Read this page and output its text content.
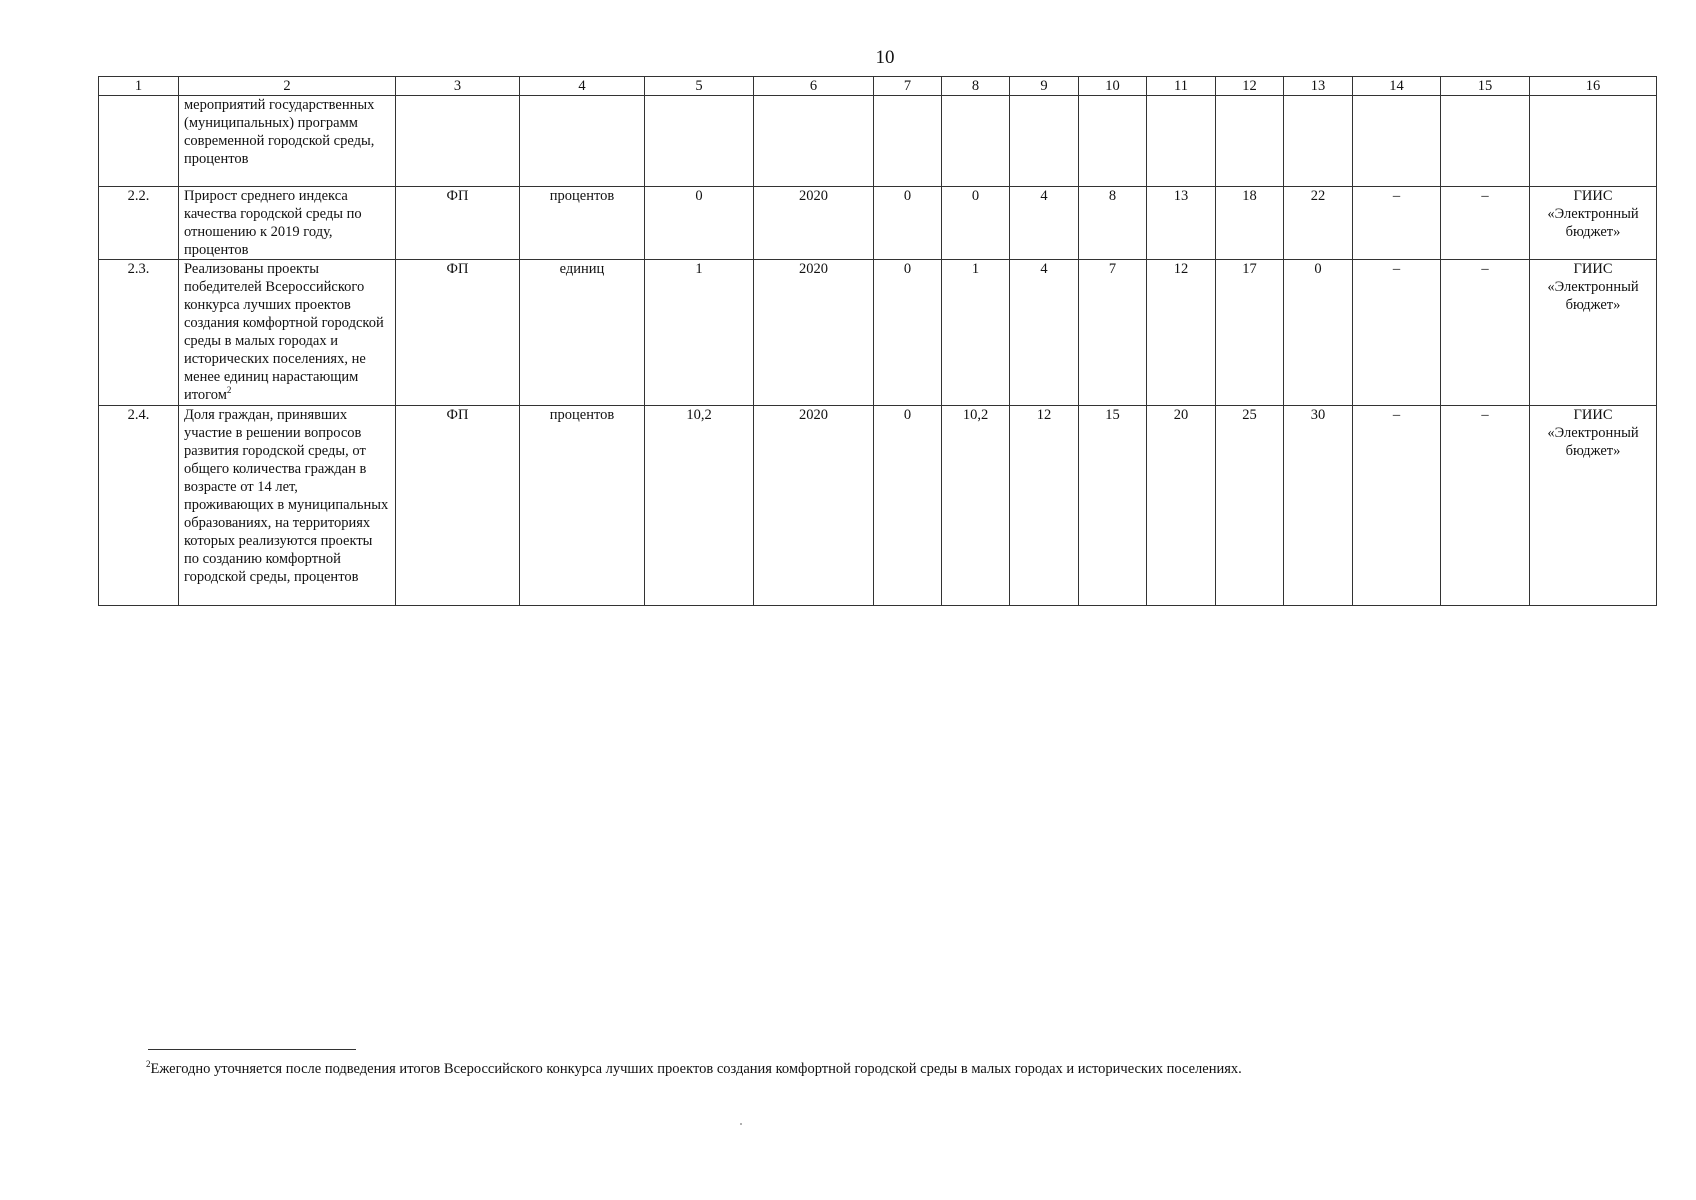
10
1	2	3	4	5	6	7	8	9	10	11	12	13	14	15	16
	мероприятий государственных (муниципальных) программ современной городской среды, процентов														
2.2.	Прирост среднего индекса качества городской среды по отношению к 2019 году, процентов	ФП	процентов	0	2020	0	0	4	8	13	18	22	–	–	ГИИС «Электронный бюджет»
2.3.	Реализованы проекты победителей Всероссийского конкурса лучших проектов создания комфортной городской среды в малых городах и исторических поселениях, не менее единиц нарастающим итогом$^2$	ФП	единиц	1	2020	0	1	4	7	12	17	0	–	–	ГИИС «Электронный бюджет»
2.4.	Доля граждан, принявших участие в решении вопросов развития городской среды, от общего количества граждан в возрасте от 14 лет, проживающих в муниципальных образованиях, на территориях которых реализуются проекты по созданию комфортной городской среды, процентов	ФП	процентов	10,2	2020	0	10,2	12	15	20	25	30	–	–	ГИИС «Электронный бюджет»
$^2$Ежегодно уточняется после подведения итогов Всероссийского конкурса лучших проектов создания комфортной городской среды в малых городах и исторических поселениях.
